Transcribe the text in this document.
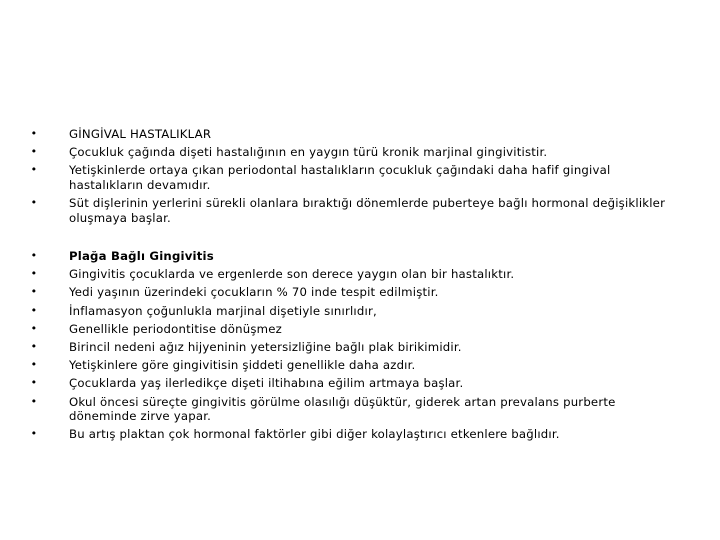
•	GİNGİVAL HASTALIKLAR
•	Çocukluk çağında dişeti hastalığının en yaygın türü kronik marjinal gingivitistir.
•	Yetişkinlerde ortaya çıkan periodontal hastalıkların çocukluk çağındaki daha hafif gingival hastalıkların devamıdır.
•	Süt dişlerinin yerlerini sürekli olanlara bıraktığı dönemlerde puberteye bağlı hormonal değişiklikler oluşmaya başlar.
•	Plağa Bağlı Gingivitis
•	Gingivitis çocuklarda ve ergenlerde son derece yaygın olan bir hastalıktır.
•	Yedi yaşının üzerindeki çocukların % 70 inde tespit edilmiştir.
•	İnflamasyon çoğunlukla marjinal dişetiyle sınırlıdır,
•	Genellikle periodontitise dönüşmez
•	Birincil nedeni ağız hijyeninin yetersizliğine bağlı plak birikimidir.
•	Yetişkinlere göre gingivitisin şiddeti genellikle daha azdır.
•	Çocuklarda yaş ilerledikçe dişeti iltihabına eğilim artmaya başlar.
•	Okul öncesi süreçte gingivitis görülme olasılığı düşüktür, giderek artan prevalans purberte döneminde zirve yapar.
•	Bu artış plaktan çok hormonal faktörler gibi diğer kolaylaştırıcı etkenlere bağlıdır.
